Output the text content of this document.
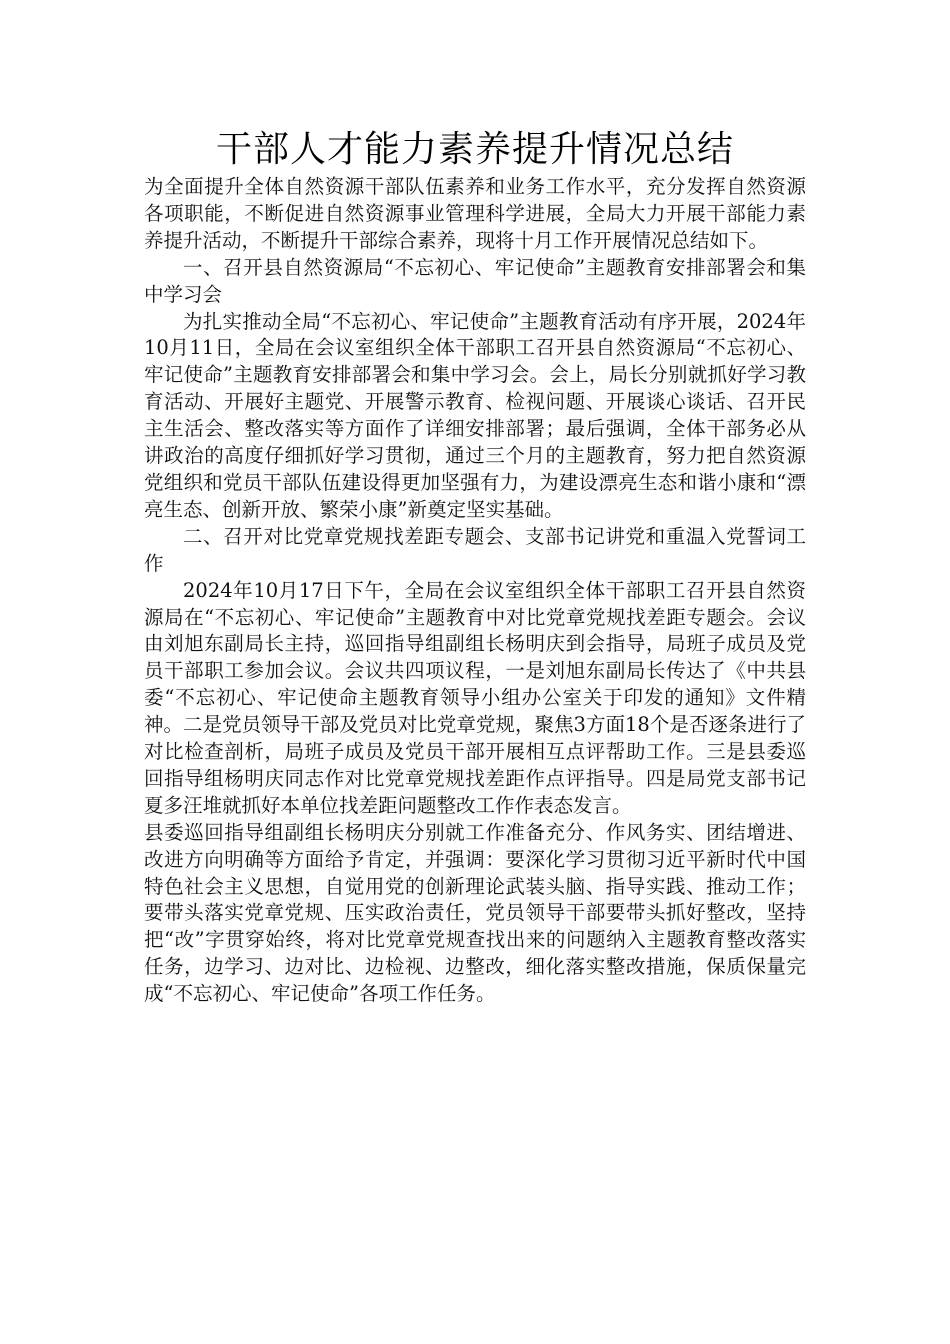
干部人才能力素养提升情况总结

为全面提升全体自然资源干部队伍素养和业务工作水平，充分发挥自然资源各项职能，不断促进自然资源事业管理科学进展，全局大力开展干部能力素养提升活动，不断提升干部综合素养，现将十月工作开展情况总结如下。

一、召开县自然资源局“不忘初心、牢记使命”主题教育安排部署会和集中学习会

为扎实推动全局“不忘初心、牢记使命”主题教育活动有序开展，2024年10月11日，全局在会议室组织全体干部职工召开县自然资源局“不忘初心、牢记使命”主题教育安排部署会和集中学习会。会上，局长分别就抓好学习教育活动、开展好主题党、开展警示教育、检视问题、开展谈心谈话、召开民主生活会、整改落实等方面作了详细安排部署；最后强调，全体干部务必从讲政治的高度仔细抓好学习贯彻，通过三个月的主题教育，努力把自然资源党组织和党员干部队伍建设得更加坚强有力，为建设漂亮生态和谐小康和“漂亮生态、创新开放、繁荣小康”新奠定坚实基础。

二、召开对比党章党规找差距专题会、支部书记讲党和重温入党誓词工作

2024年10月17日下午，全局在会议室组织全体干部职工召开县自然资源局在“不忘初心、牢记使命”主题教育中对比党章党规找差距专题会。会议由刘旭东副局长主持，巡回指导组副组长杨明庆到会指导，局班子成员及党员干部职工参加会议。会议共四项议程，一是刘旭东副局长传达了《中共县委“不忘初心、牢记使命主题教育领导小组办公室关于印发的通知》文件精神。二是党员领导干部及党员对比党章党规，聚焦3方面18个是否逐条进行了对比检查剖析，局班子成员及党员干部开展相互点评帮助工作。三是县委巡回指导组杨明庆同志作对比党章党规找差距作点评指导。四是局党支部书记夏多汪堆就抓好本单位找差距问题整改工作作表态发言。

县委巡回指导组副组长杨明庆分别就工作准备充分、作风务实、团结增进、改进方向明确等方面给予肯定，并强调：要深化学习贯彻习近平新时代中国特色社会主义思想，自觉用党的创新理论武装头脑、指导实践、推动工作；要带头落实党章党规、压实政治责任，党员领导干部要带头抓好整改，坚持把“改”字贯穿始终，将对比党章党规查找出来的问题纳入主题教育整改落实任务，边学习、边对比、边检视、边整改，细化落实整改措施，保质保量完成“不忘初心、牢记使命”各项工作任务。
